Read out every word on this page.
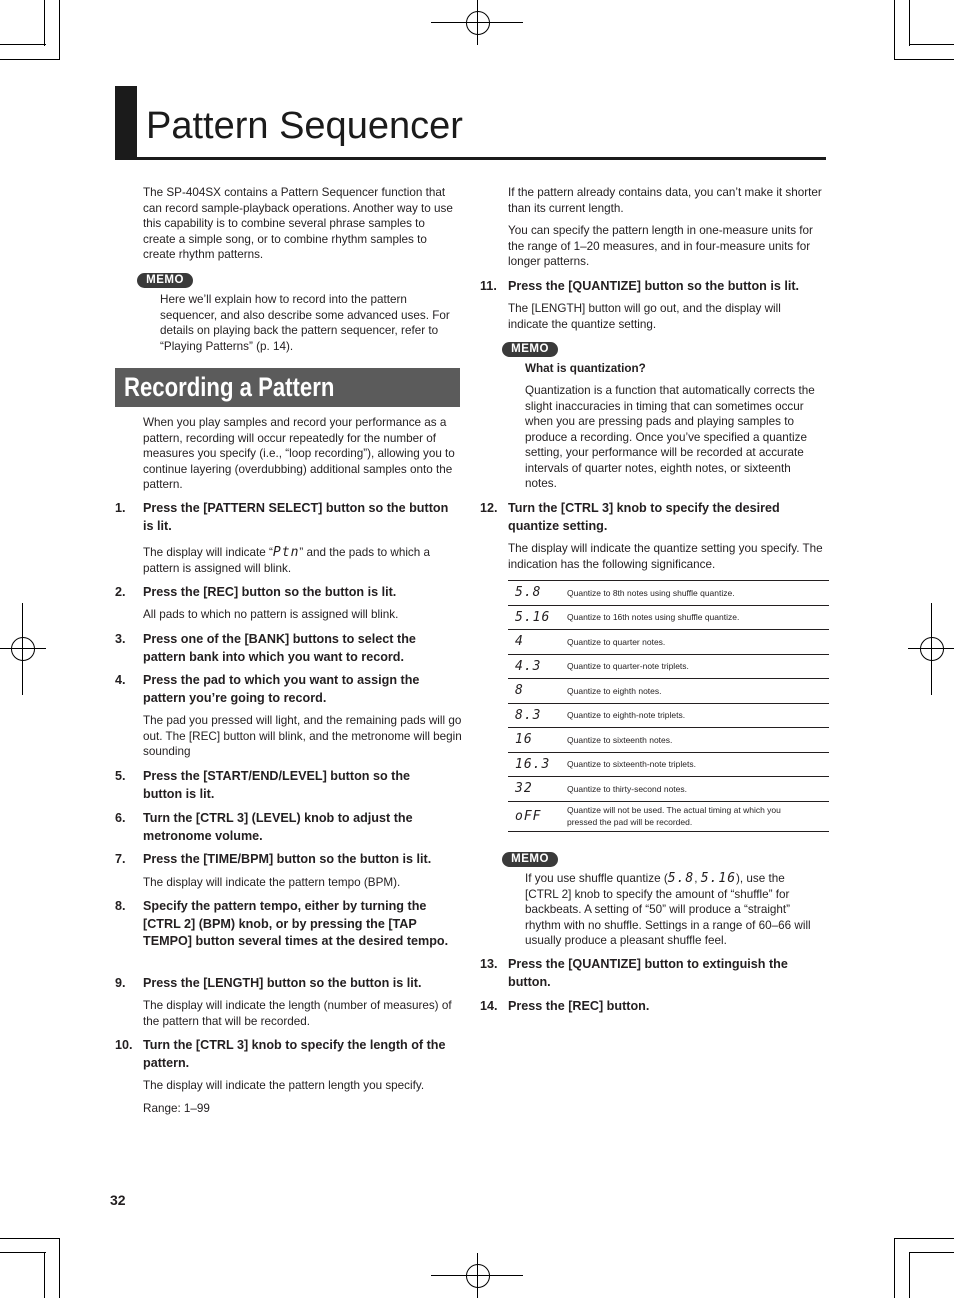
Pattern Sequencer
The SP-404SX contains a Pattern Sequencer function that can record sample-playback operations. Another way to use this capability is to combine several phrase samples to create a simple song, or to combine rhythm samples to create rhythm patterns.
MEMO
Here we’ll explain how to record into the pattern sequencer, and also describe some advanced uses. For details on playing back the pattern sequencer, refer to “Playing Patterns” (p. 14).
Recording a Pattern
When you play samples and record your performance as a pattern, recording will occur repeatedly for the number of measures you specify (i.e., “loop recording”), allowing you to continue layering (overdubbing) additional samples onto the pattern.
1. Press the [PATTERN SELECT] button so the button is lit.
The display will indicate “Ptn” and the pads to which a pattern is assigned will blink.
2. Press the [REC] button so the button is lit.
All pads to which no pattern is assigned will blink.
3. Press one of the [BANK] buttons to select the pattern bank into which you want to record.
4. Press the pad to which you want to assign the pattern you’re going to record.
The pad you pressed will light, and the remaining pads will go out. The [REC] button will blink, and the metronome will begin sounding
5. Press the [START/END/LEVEL] button so the button is lit.
6. Turn the [CTRL 3] (LEVEL) knob to adjust the metronome volume.
7. Press the [TIME/BPM] button so the button is lit.
The display will indicate the pattern tempo (BPM).
8. Specify the pattern tempo, either by turning the [CTRL 2] (BPM) knob, or by pressing the [TAP TEMPO] button several times at the desired tempo.
9. Press the [LENGTH] button so the button is lit.
The display will indicate the length (number of measures) of the pattern that will be recorded.
10. Turn the [CTRL 3] knob to specify the length of the pattern.
The display will indicate the pattern length you specify.
Range: 1–99
If the pattern already contains data, you can’t make it shorter than its current length.
You can specify the pattern length in one-measure units for the range of 1–20 measures, and in four-measure units for longer patterns.
11. Press the [QUANTIZE] button so the button is lit.
The [LENGTH] button will go out, and the display will indicate the quantize setting.
MEMO
What is quantization?
Quantization is a function that automatically corrects the slight inaccuracies in timing that can sometimes occur when you are pressing pads and playing samples to produce a recording. Once you’ve specified a quantize setting, your performance will be recorded at accurate intervals of quarter notes, eighth notes, or sixteenth notes.
12. Turn the [CTRL 3] knob to specify the desired quantize setting.
The display will indicate the quantize setting you specify. The indication has the following significance.
5.8	Quantize to 8th notes using shuffle quantize.
5.16	Quantize to 16th notes using shuffle quantize.
4	Quantize to quarter notes.
4.3	Quantize to quarter-note triplets.
8	Quantize to eighth notes.
8.3	Quantize to eighth-note triplets.
16	Quantize to sixteenth notes.
16.3	Quantize to sixteenth-note triplets.
32	Quantize to thirty-second notes.
oFF	Quantize will not be used. The actual timing at which you pressed the pad will be recorded.
MEMO
If you use shuffle quantize (5.8, 5.16), use the [CTRL 2] knob to specify the amount of “shuffle” for backbeats. A setting of “50” will produce a “straight” rhythm with no shuffle. Settings in a range of 60–66 will usually produce a pleasant shuffle feel.
13. Press the [QUANTIZE] button to extinguish the button.
14. Press the [REC] button.
32
